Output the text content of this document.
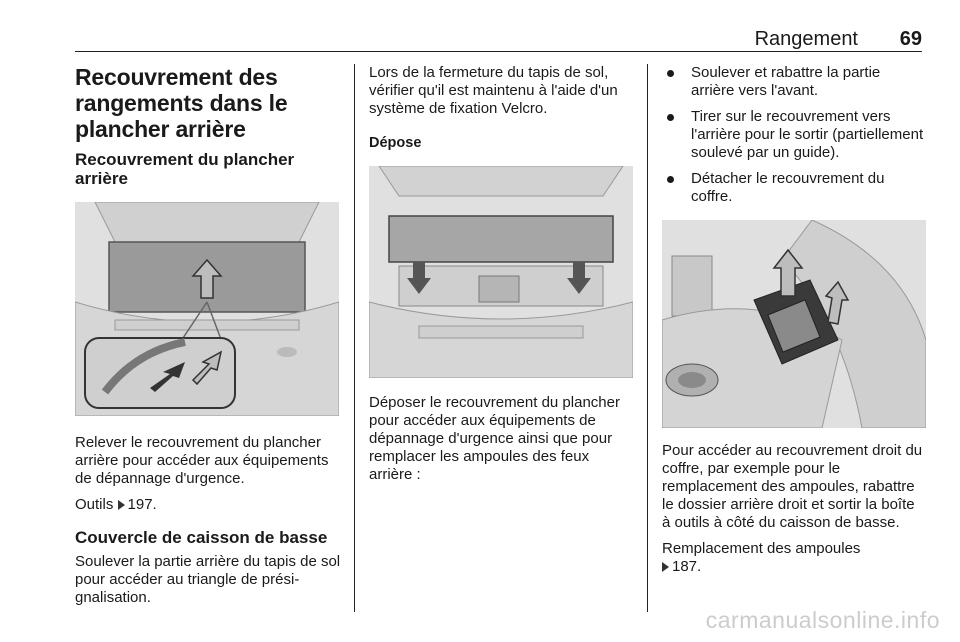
Rangement 69
Recouvrement des rangements dans le plancher arrière
Recouvrement du plancher arrière

Relever le recouvrement du plancher arrière pour accéder aux équipements de dépannage d'urgence.

Outils 197.

Couvercle de caisson de basse

Soulever la partie arrière du tapis de sol pour accéder au triangle de présignalisation.

Lors de la fermeture du tapis de sol, vérifier qu'il est maintenu à l'aide d'un système de fixation Velcro.

Dépose

Déposer le recouvrement du plancher pour accéder aux équipements de dépannage d'urgence ainsi que pour remplacer les ampoules des feux arrière :

Soulever et rabattre la partie arrière vers l'avant.
Tirer sur le recouvrement vers l'arrière pour le sortir (partiellement soulevé par un guide).
Détacher le recouvrement du coffre.

Pour accéder au recouvrement droit du coffre, par exemple pour le remplacement des ampoules, rabattre le dossier arrière droit et sortir la boîte à outils à côté du caisson de basse.

Remplacement des ampoules
187.

carmanualsonline.info
